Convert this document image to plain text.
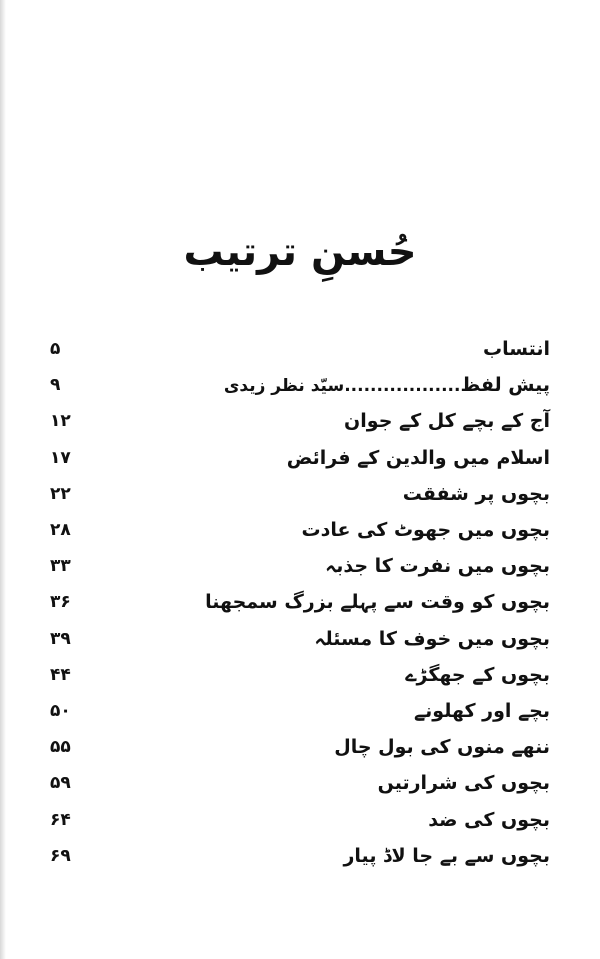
حُسنِ ترتیب
۵	انتساب
۹	پیش لفظ..................سیّد نظر زیدی
۱۲	آج کے بچے کل کے جوان
۱۷	اسلام میں والدین کے فرائض
۲۲	بچوں پر شفقت
۲۸	بچوں میں جھوٹ کی عادت
۳۳	بچوں میں نفرت کا جذبہ
۳۶	بچوں کو وقت سے پہلے بزرگ سمجھنا
۳۹	بچوں میں خوف کا مسئلہ
۴۴	بچوں کے جھگڑے
۵۰	بچے اور کھلونے
۵۵	ننھے منوں کی بول چال
۵۹	بچوں کی شرارتیں
۶۴	بچوں کی ضد
۶۹	بچوں سے بے جا لاڈ پیار
